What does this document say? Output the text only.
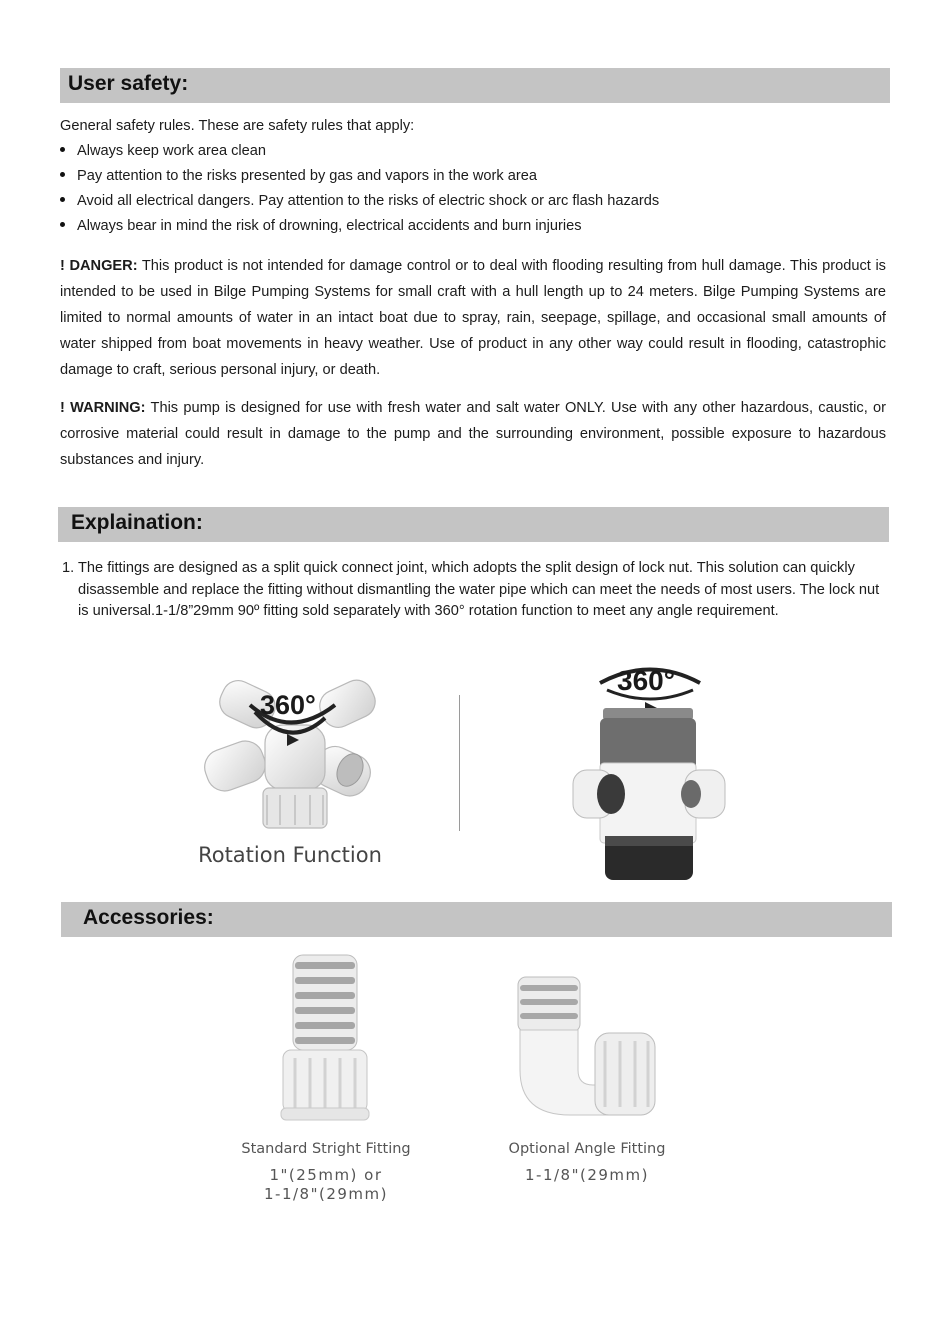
User safety:
General safety rules. These are safety rules that apply:
Always keep work area clean
Pay attention to the risks presented by gas and vapors in the work area
Avoid all electrical dangers. Pay attention to the risks of electric shock or arc flash hazards
Always bear in mind the risk of drowning, electrical accidents and burn injuries
! DANGER: This product is not intended for damage control or to deal with flooding resulting from hull damage. This product is intended to be used in Bilge Pumping Systems for small craft with a hull length up to 24 meters. Bilge Pumping Systems are limited to normal amounts of water in an intact boat due to spray, rain, seepage, spillage, and occasional small amounts of water shipped from boat movements in heavy weather. Use of product in any other way could result in flooding, catastrophic damage to craft, serious personal injury, or death.
! WARNING: This pump is designed for use with fresh water and salt water ONLY. Use with any other hazardous, caustic, or corrosive material could result in damage to the pump and the surrounding environment, possible exposure to hazardous substances and injury.
Explaination:
1. The fittings are designed as a split quick connect joint, which adopts the split design of lock nut. This solution can quickly disassemble and replace the fitting without dismantling the water pipe which can meet the needs of most users. The lock nut is universal.1-1/8”29mm 90º fitting sold separately with 360° rotation function to meet any angle requirement.
360°
Rotation Function
360°
Accessories:
Standard Stright Fitting
1"(25mm) or
1-1/8"(29mm)
Optional Angle Fitting
1-1/8"(29mm)
